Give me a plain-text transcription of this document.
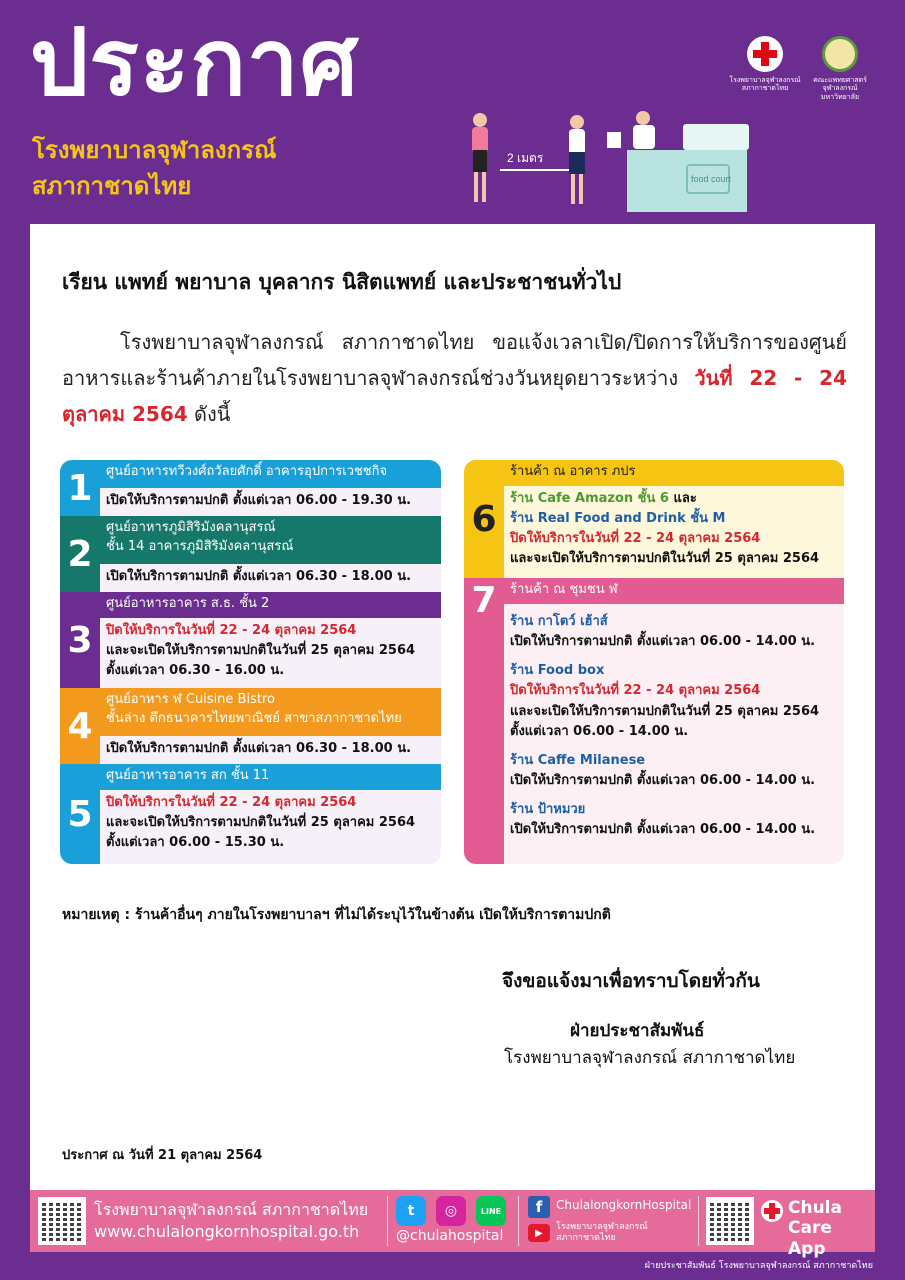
ประกาศ
โรงพยาบาลจุฬาลงกรณ์
สภากาชาดไทย
โรงพยาบาลจุฬาลงกรณ์ สภากาชาดไทย
คณะแพทยศาสตร์ จุฬาลงกรณ์มหาวิทยาลัย
2 เมตร
food court
เรียน แพทย์ พยาบาล บุคลากร นิสิตแพทย์ และประชาชนทั่วไป
โรงพยาบาลจุฬาลงกรณ์ สภากาชาดไทย ขอแจ้งเวลาเปิด/ปิดการให้บริการของศูนย์อาหารและร้านค้าภายในโรงพยาบาลจุฬาลงกรณ์ช่วงวันหยุดยาวระหว่าง วันที่ 22 - 24 ตุลาคม 2564 ดังนี้
1	ศูนย์อาหารทวีวงศ์ถวัลยศักดิ์ อาคารอุปการเวชชกิจ
เปิดให้บริการตามปกติ ตั้งแต่เวลา 06.00 - 19.30 น.
2
ศูนย์อาหารภูมิสิริมังคลานุสรณ์
ชั้น 14 อาคารภูมิสิริมังคลานุสรณ์
เปิดให้บริการตามปกติ ตั้งแต่เวลา 06.30 - 18.00 น.
3
ศูนย์อาหารอาคาร ส.ธ. ชั้น 2
ปิดให้บริการในวันที่ 22 - 24 ตุลาคม 2564
และจะเปิดให้บริการตามปกติในวันที่ 25 ตุลาคม 2564
ตั้งแต่เวลา 06.30 - 16.00 น.
4
ศูนย์อาหาร ฬ Cuisine Bistro
ชั้นล่าง ตึกธนาคารไทยพาณิชย์ สาขาสภากาชาดไทย
เปิดให้บริการตามปกติ ตั้งแต่เวลา 06.30 - 18.00 น.
5
ศูนย์อาหารอาคาร สก ชั้น 11
ปิดให้บริการในวันที่ 22 - 24 ตุลาคม 2564
และจะเปิดให้บริการตามปกติในวันที่ 25 ตุลาคม 2564
ตั้งแต่เวลา 06.00 - 15.30 น.
6
ร้านค้า ณ อาคาร ภปร
ร้าน Cafe Amazon ชั้น 6 และ
ร้าน Real Food and Drink ชั้น M
ปิดให้บริการในวันที่ 22 - 24 ตุลาคม 2564
และจะเปิดให้บริการตามปกติในวันที่ 25 ตุลาคม 2564
7	ร้านค้า ณ ชุมชน ฬ
ร้าน กาโตว์ เฮ้าส์
เปิดให้บริการตามปกติ ตั้งแต่เวลา 06.00 - 14.00 น.
ร้าน Food box
ปิดให้บริการในวันที่ 22 - 24 ตุลาคม 2564
และจะเปิดให้บริการตามปกติในวันที่ 25 ตุลาคม 2564
ตั้งแต่เวลา 06.00 - 14.00 น.
ร้าน Caffe Milanese
เปิดให้บริการตามปกติ ตั้งแต่เวลา 06.00 - 14.00 น.
ร้าน ป้าหมวย
เปิดให้บริการตามปกติ ตั้งแต่เวลา 06.00 - 14.00 น.
หมายเหตุ : ร้านค้าอื่นๆ ภายในโรงพยาบาลฯ ที่ไม่ได้ระบุไว้ในข้างต้น เปิดให้บริการตามปกติ
จึงขอแจ้งมาเพื่อทราบโดยทั่วกัน
ฝ่ายประชาสัมพันธ์
โรงพยาบาลจุฬาลงกรณ์ สภากาชาดไทย
ประกาศ ณ วันที่ 21 ตุลาคม 2564
โรงพยาบาลจุฬาลงกรณ์ สภากาชาดไทย
www.chulalongkornhospital.go.th
t	◎	LINE
@chulahospital
f	ChulalongkornHospital
▶
โรงพยาบาลจุฬาลงกรณ์ สภากาชาดไทย
Chula Care
App
ฝ่ายประชาสัมพันธ์ โรงพยาบาลจุฬาลงกรณ์ สภากาชาดไทย
